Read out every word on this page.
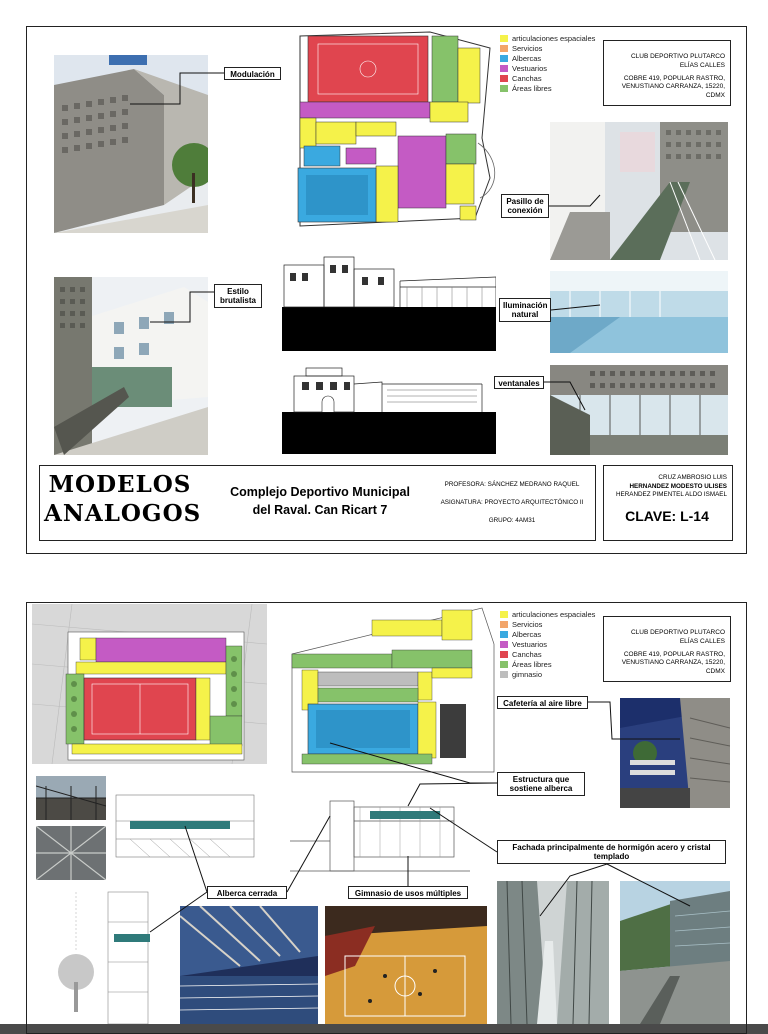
articulaciones espaciales
Servicios
Albercas
Vestuarios
Canchas
Áreas libres
CLUB DEPORTIVO PLUTARCO
ELÍAS CALLES
COBRE 419, POPULAR RASTRO,
VENUSTIANO CARRANZA, 15220, CDMX
Modulación
Estilo
brutalista
Pasillo de
conexión
Iluminación
natural
ventanales
MODELOS
ANALOGOS
Complejo Deportivo Municipal
del Raval. Can Ricart 7
PROFESORA: SÁNCHEZ MEDRANO RAQUEL
ASIGNATURA: PROYECTO ARQUITECTÓNICO II
GRUPO: 4AM31
CRUZ AMBROSIO LUIS
HERNANDEZ MODESTO ULISES
HERANDEZ PIMENTEL ALDO ISMAEL
CLAVE: L-14
articulaciones espaciales
Servicios
Albercas
Vestuarios
Canchas
Áreas libres
gimnasio
CLUB DEPORTIVO PLUTARCO
ELÍAS CALLES
COBRE 419, POPULAR RASTRO,
VENUSTIANO CARRANZA, 15220, CDMX
Cafetería al aire libre
Estructura que
sostiene alberca
Fachada principalmente de hormigón acero y cristal
templado
Alberca cerrada	Gimnasio de usos múltiples
